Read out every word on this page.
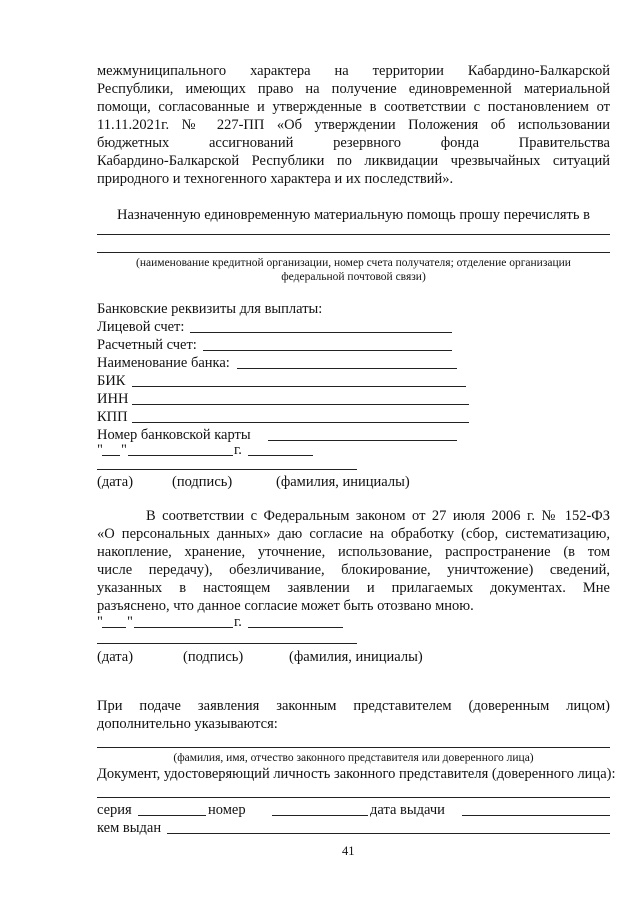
межмуниципального характера на территории Кабардино-Балкарской
Республики, имеющих право на получение единовременной материальной
помощи, согласованные и утвержденные в соответствии с постановлением от
11.11.2021г. № 227-ПП «Об утверждении Положения об использовании
бюджетных ассигнований резервного фонда Правительства
Кабардино-Балкарской Республики по ликвидации чрезвычайных ситуаций
природного и техногенного характера и их последствий».
Назначенную единовременную материальную помощь прошу перечислять в
(наименование кредитной организации, номер счета получателя; отделение организации
федеральной почтовой связи)
Банковские реквизиты для выплаты:
Лицевой счет:
Расчетный счет:
Наименование банка:
БИК
ИНН
КПП
Номер банковской карты
" "	г.
(дата)	(подпись)	(фамилия, инициалы)
В соответствии с Федеральным законом от 27 июля 2006 г. № 152-ФЗ
«О персональных данных» даю согласие на обработку (сбор, систематизацию,
накопление, хранение, уточнение, использование, распространение (в том
числе передачу), обезличивание, блокирование, уничтожение) сведений,
указанных в настоящем заявлении и прилагаемых документах. Мне
разъяснено, что данное согласие может быть отозвано мною.
" "	г.
(дата)	(подпись)	(фамилия, инициалы)
При подаче заявления законным представителем (доверенным лицом)
дополнительно указываются:
(фамилия, имя, отчество законного представителя или доверенного лица)
Документ, удостоверяющий личность законного представителя (доверенного лица):
серия	номер	дата выдачи
кем выдан
41
